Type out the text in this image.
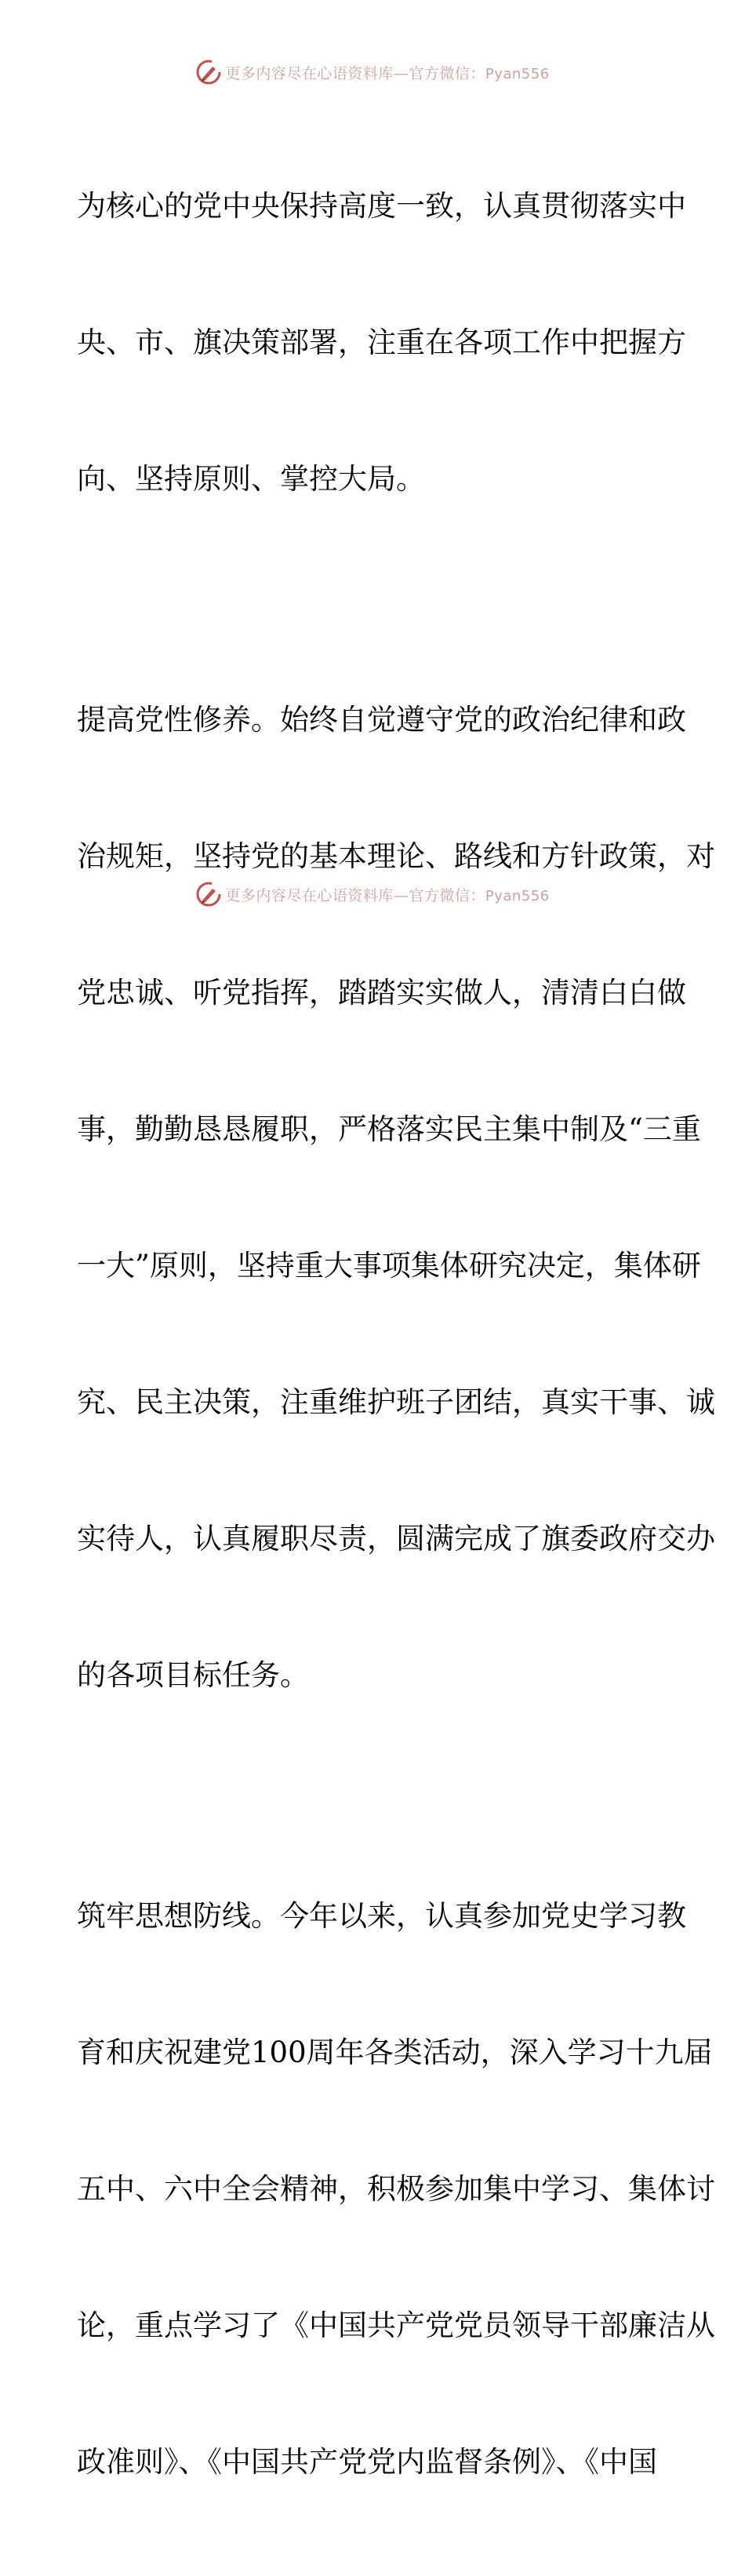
更多内容尽在心语资料库—官方微信：Pyan556

为核心的党中央保持高度一致，认真贯彻落实中

央、市、旗决策部署，注重在各项工作中把握方

向、坚持原则、掌控大局。

提高党性修养。始终自觉遵守党的政治纪律和政

治规矩，坚持党的基本理论、路线和方针政策，对

党忠诚、听党指挥，踏踏实实做人，清清白白做

事，勤勤恳恳履职，严格落实民主集中制及“三重

一大”原则，坚持重大事项集体研究决定，集体研

究、民主决策，注重维护班子团结，真实干事、诚

实待人，认真履职尽责，圆满完成了旗委政府交办

的各项目标任务。

筑牢思想防线。今年以来，认真参加党史学习教

育和庆祝建党100周年各类活动，深入学习十九届

五中、六中全会精神，积极参加集中学习、集体讨

论，重点学习了《中国共产党党员领导干部廉洁从

政准则》、《中国共产党党内监督条例》、《中国

更多内容尽在心语资料库—官方微信：Pyan556
